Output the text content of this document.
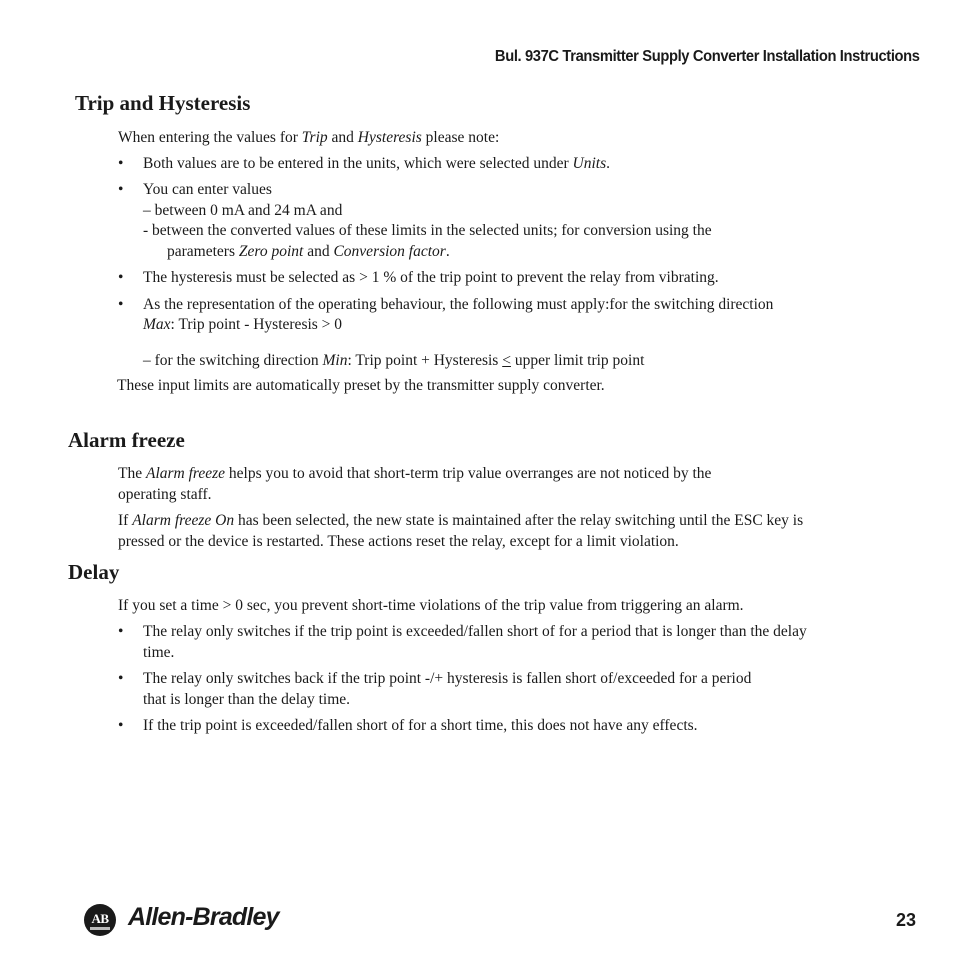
Bul. 937C Transmitter Supply Converter Installation Instructions
Trip and Hysteresis

When entering the values for Trip and Hysteresis please note:

• Both values are to be entered in the units, which were selected under Units.

• You can enter values

– between 0 mA and 24 mA and

- between the converted values of these limits in the selected units; for conversion using the

parameters Zero point and Conversion factor.

• The hysteresis must be selected as > 1 % of the trip point to prevent the relay from vibrating.

• As the representation of the operating behaviour, the following must apply:for the switching direction

Max: Trip point - Hysteresis > 0

– for the switching direction Min: Trip point + Hysteresis < upper limit trip point

These input limits are automatically preset by the transmitter supply converter.

Alarm freeze

The Alarm freeze helps you to avoid that short-term trip value overranges are not noticed by the

operating staff.

If Alarm freeze On has been selected, the new state is maintained after the relay switching until the ESC key is

pressed or the device is restarted. These actions reset the relay, except for a limit violation.

Delay

If you set a time > 0 sec, you prevent short-time violations of the trip value from triggering an alarm.

• The relay only switches if the trip point is exceeded/fallen short of for a period that is longer than the delay

time.

• The relay only switches back if the trip point -/+ hysteresis is fallen short of/exceeded for a period

that is longer than the delay time.

• If the trip point is exceeded/fallen short of for a short time, this does not have any effects.

AB Allen-Bradley	23
